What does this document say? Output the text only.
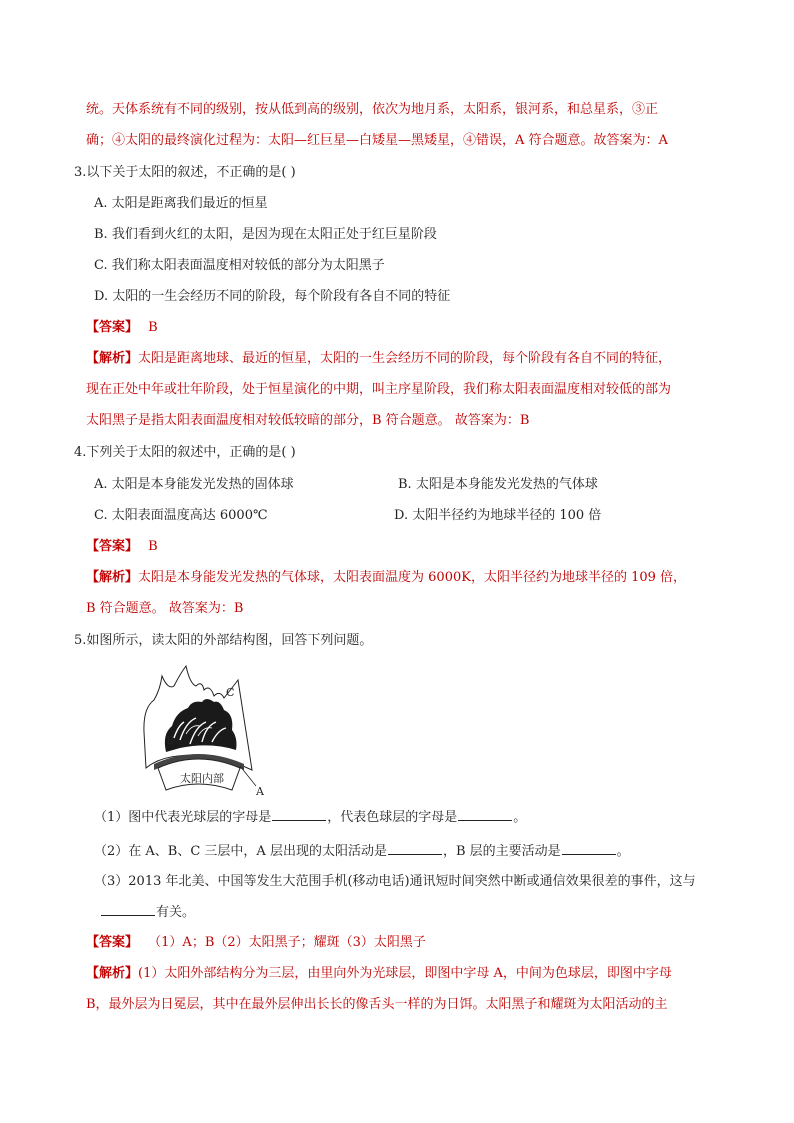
统。天体系统有不同的级别，按从低到高的级别，依次为地月系，太阳系，银河系，和总星系，③正
确；④太阳的最终演化过程为：太阳—红巨星—白矮星—黑矮星，④错误，A 符合题意。故答案为：A
3.以下关于太阳的叙述，不正确的是( )
A. 太阳是距离我们最近的恒星
B. 我们看到火红的太阳，是因为现在太阳正处于红巨星阶段
C. 我们称太阳表面温度相对较低的部分为太阳黑子
D. 太阳的一生会经历不同的阶段，每个阶段有各自不同的特征
【答案】 B
【解析】太阳是距离地球、最近的恒星，太阳的一生会经历不同的阶段，每个阶段有各自不同的特征，
现在正处中年或壮年阶段，处于恒星演化的中期，叫主序星阶段，我们称太阳表面温度相对较低的部为
太阳黑子是指太阳表面温度相对较低较暗的部分，B 符合题意。 故答案为：B
4.下列关于太阳的叙述中，正确的是( )
A. 太阳是本身能发光发热的固体球	B. 太阳是本身能发光发热的气体球
C. 太阳表面温度高达 6000℃	D. 太阳半径约为地球半径的 100 倍
【答案】 B
【解析】太阳是本身能发光发热的气体球，太阳表面温度为 6000K，太阳半径约为地球半径的 109 倍，
B 符合题意。 故答案为：B
5.如图所示，读太阳的外部结构图，回答下列问题。
太阳内部
A
B
C
（1）图中代表光球层的字母是	，代表色球层的字母是	。
（2）在 A、B、C 三层中，A 层出现的太阳活动是	，B 层的主要活动是	。
（3）2013 年北美、中国等发生大范围手机(移动电话)通讯短时间突然中断或通信效果很差的事件，这与
有关。
【答案】 （1）A；B（2）太阳黑子；耀斑（3）太阳黑子
【解析】(1）太阳外部结构分为三层，由里向外为光球层，即图中字母 A，中间为色球层，即图中字母
B，最外层为日冕层，其中在最外层伸出长长的像舌头一样的为日饵。太阳黑子和耀斑为太阳活动的主
